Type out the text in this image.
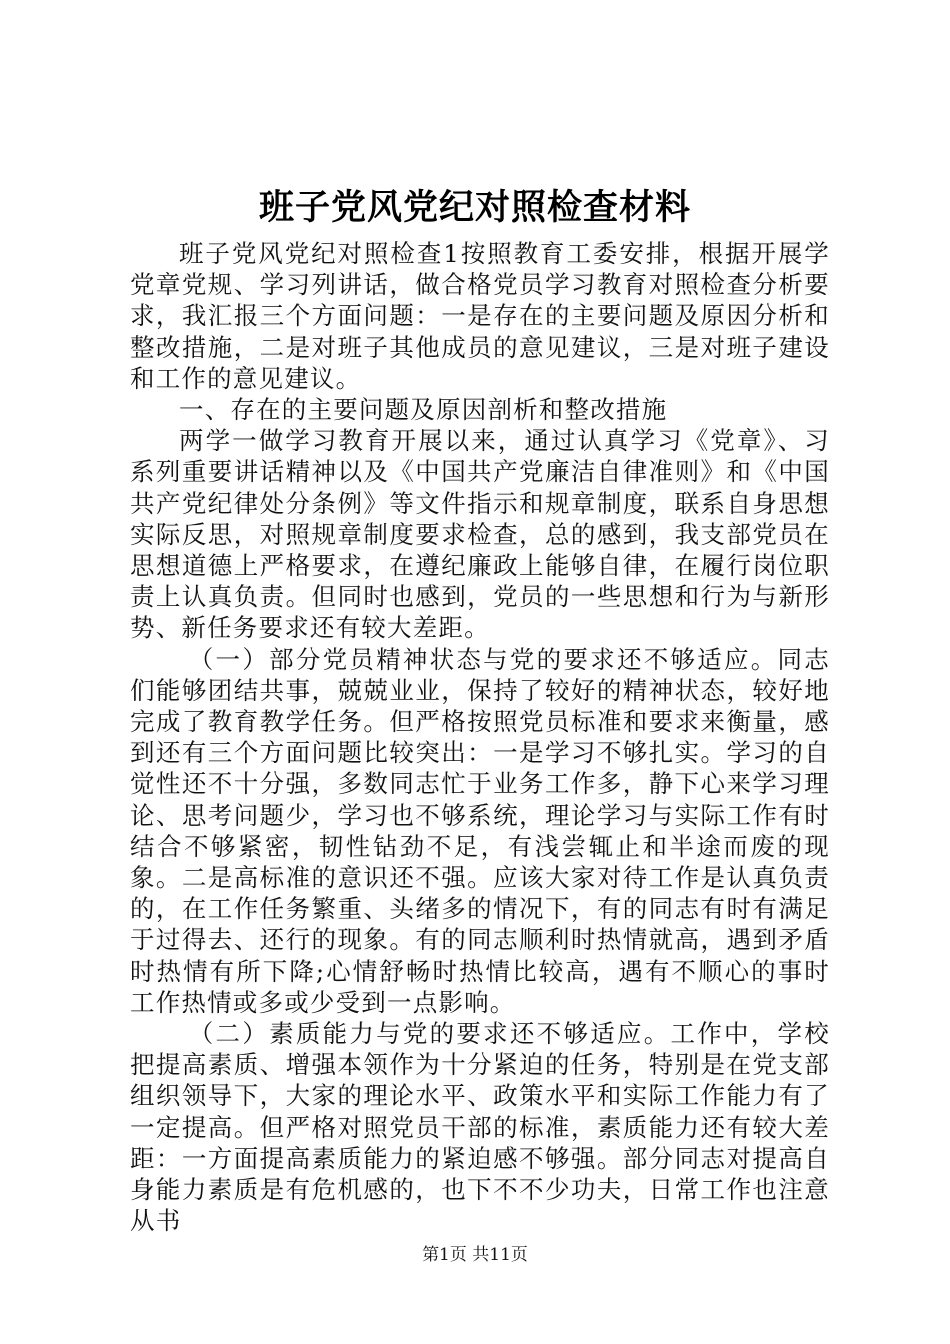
班子党风党纪对照检查材料

班子党风党纪对照检查1按照教育工委安排，根据开展学党章党规、学习列讲话，做合格党员学习教育对照检查分析要求，我汇报三个方面问题：一是存在的主要问题及原因分析和整改措施，二是对班子其他成员的意见建议，三是对班子建设和工作的意见建议。

一、存在的主要问题及原因剖析和整改措施

两学一做学习教育开展以来，通过认真学习《党章》、习系列重要讲话精神以及《中国共产党廉洁自律准则》和《中国共产党纪律处分条例》等文件指示和规章制度，联系自身思想实际反思，对照规章制度要求检查，总的感到，我支部党员在思想道德上严格要求，在遵纪廉政上能够自律，在履行岗位职责上认真负责。但同时也感到，党员的一些思想和行为与新形势、新任务要求还有较大差距。

（一）部分党员精神状态与党的要求还不够适应。同志们能够团结共事，兢兢业业，保持了较好的精神状态，较好地完成了教育教学任务。但严格按照党员标准和要求来衡量，感到还有三个方面问题比较突出：一是学习不够扎实。学习的自觉性还不十分强，多数同志忙于业务工作多，静下心来学习理论、思考问题少，学习也不够系统，理论学习与实际工作有时结合不够紧密，韧性钻劲不足，有浅尝辄止和半途而废的现象。二是高标准的意识还不强。应该大家对待工作是认真负责的，在工作任务繁重、头绪多的情况下，有的同志有时有满足于过得去、还行的现象。有的同志顺利时热情就高，遇到矛盾时热情有所下降;心情舒畅时热情比较高，遇有不顺心的事时工作热情或多或少受到一点影响。

（二）素质能力与党的要求还不够适应。工作中，学校把提高素质、增强本领作为十分紧迫的任务，特别是在党支部组织领导下，大家的理论水平、政策水平和实际工作能力有了一定提高。但严格对照党员干部的标准，素质能力还有较大差距：一方面提高素质能力的紧迫感不够强。部分同志对提高自身能力素质是有危机感的，也下不不少功夫，日常工作也注意从书

第1页 共11页
